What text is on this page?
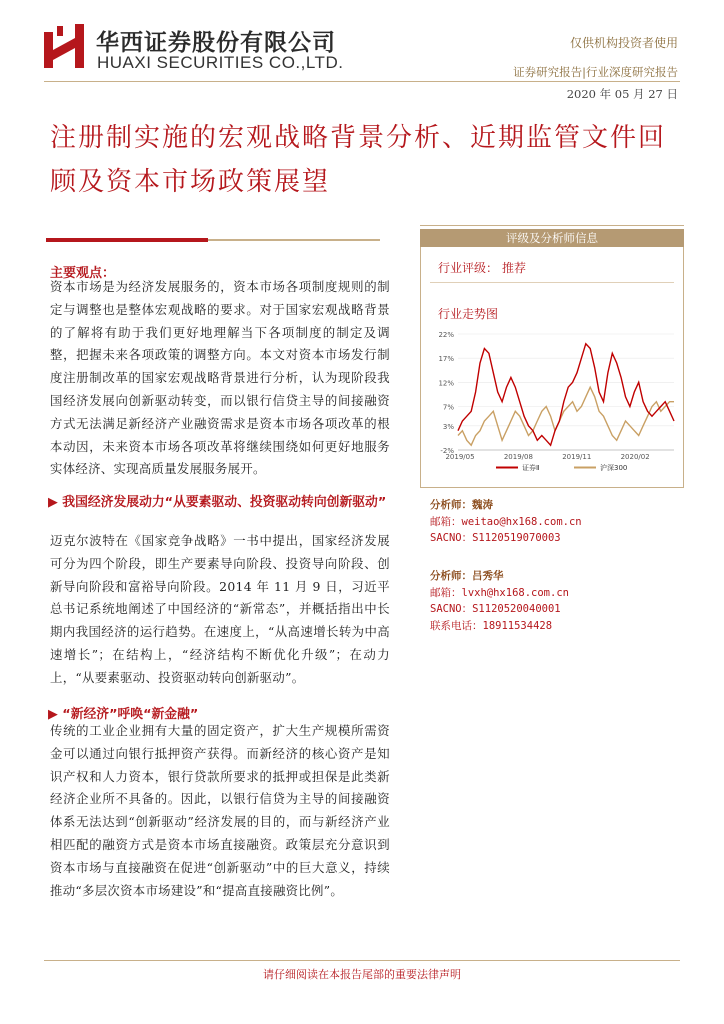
华西证券股份有限公司
HUAXI SECURITIES CO.,LTD.
仅供机构投资者使用
证券研究报告|行业深度研究报告
2020 年 05 月 27 日
注册制实施的宏观战略背景分析、近期监管文件回顾及资本市场政策展望
主要观点：
资本市场是为经济发展服务的，资本市场各项制度规则的制定与调整也是整体宏观战略的要求。对于国家宏观战略背景的了解将有助于我们更好地理解当下各项制度的制定及调整，把握未来各项政策的调整方向。本文对资本市场发行制度注册制改革的国家宏观战略背景进行分析，认为现阶段我国经济发展向创新驱动转变，而以银行信贷主导的间接融资方式无法满足新经济产业融资需求是资本市场各项改革的根本动因，未来资本市场各项改革将继续围绕如何更好地服务实体经济、实现高质量发展服务展开。
▶ 我国经济发展动力“从要素驱动、投资驱动转向创新驱动”
迈克尔波特在《国家竞争战略》一书中提出，国家经济发展可分为四个阶段，即生产要素导向阶段、投资导向阶段、创新导向阶段和富裕导向阶段。2014 年 11 月 9 日，习近平总书记系统地阐述了中国经济的“新常态”，并概括指出中长期内我国经济的运行趋势。在速度上，“从高速增长转为中高速增长”；在结构上，“经济结构不断优化升级”；在动力上，“从要素驱动、投资驱动转向创新驱动”。
▶ “新经济”呼唤“新金融”
传统的工业企业拥有大量的固定资产，扩大生产规模所需资金可以通过向银行抵押资产获得。而新经济的核心资产是知识产权和人力资本，银行贷款所要求的抵押或担保是此类新经济企业所不具备的。因此，以银行信贷为主导的间接融资体系无法达到“创新驱动”经济发展的目的，而与新经济产业相匹配的融资方式是资本市场直接融资。政策层充分意识到资本市场与直接融资在促进“创新驱动”中的巨大意义，持续推动“多层次资本市场建设”和“提高直接融资比例”。
评级及分析师信息
行业评级： 推荐
行业走势图
22%
17%
12%
7%
3%
-2%
2019/05	2019/08	2019/11	2020/02
证券Ⅱ	沪深300
分析师：魏涛
邮箱：weitao@hx168.com.cn
SACNO：S1120519070003
分析师：吕秀华
邮箱：lvxh@hx168.com.cn
SACNO：S1120520040001
联系电话：18911534428
请仔细阅读在本报告尾部的重要法律声明
